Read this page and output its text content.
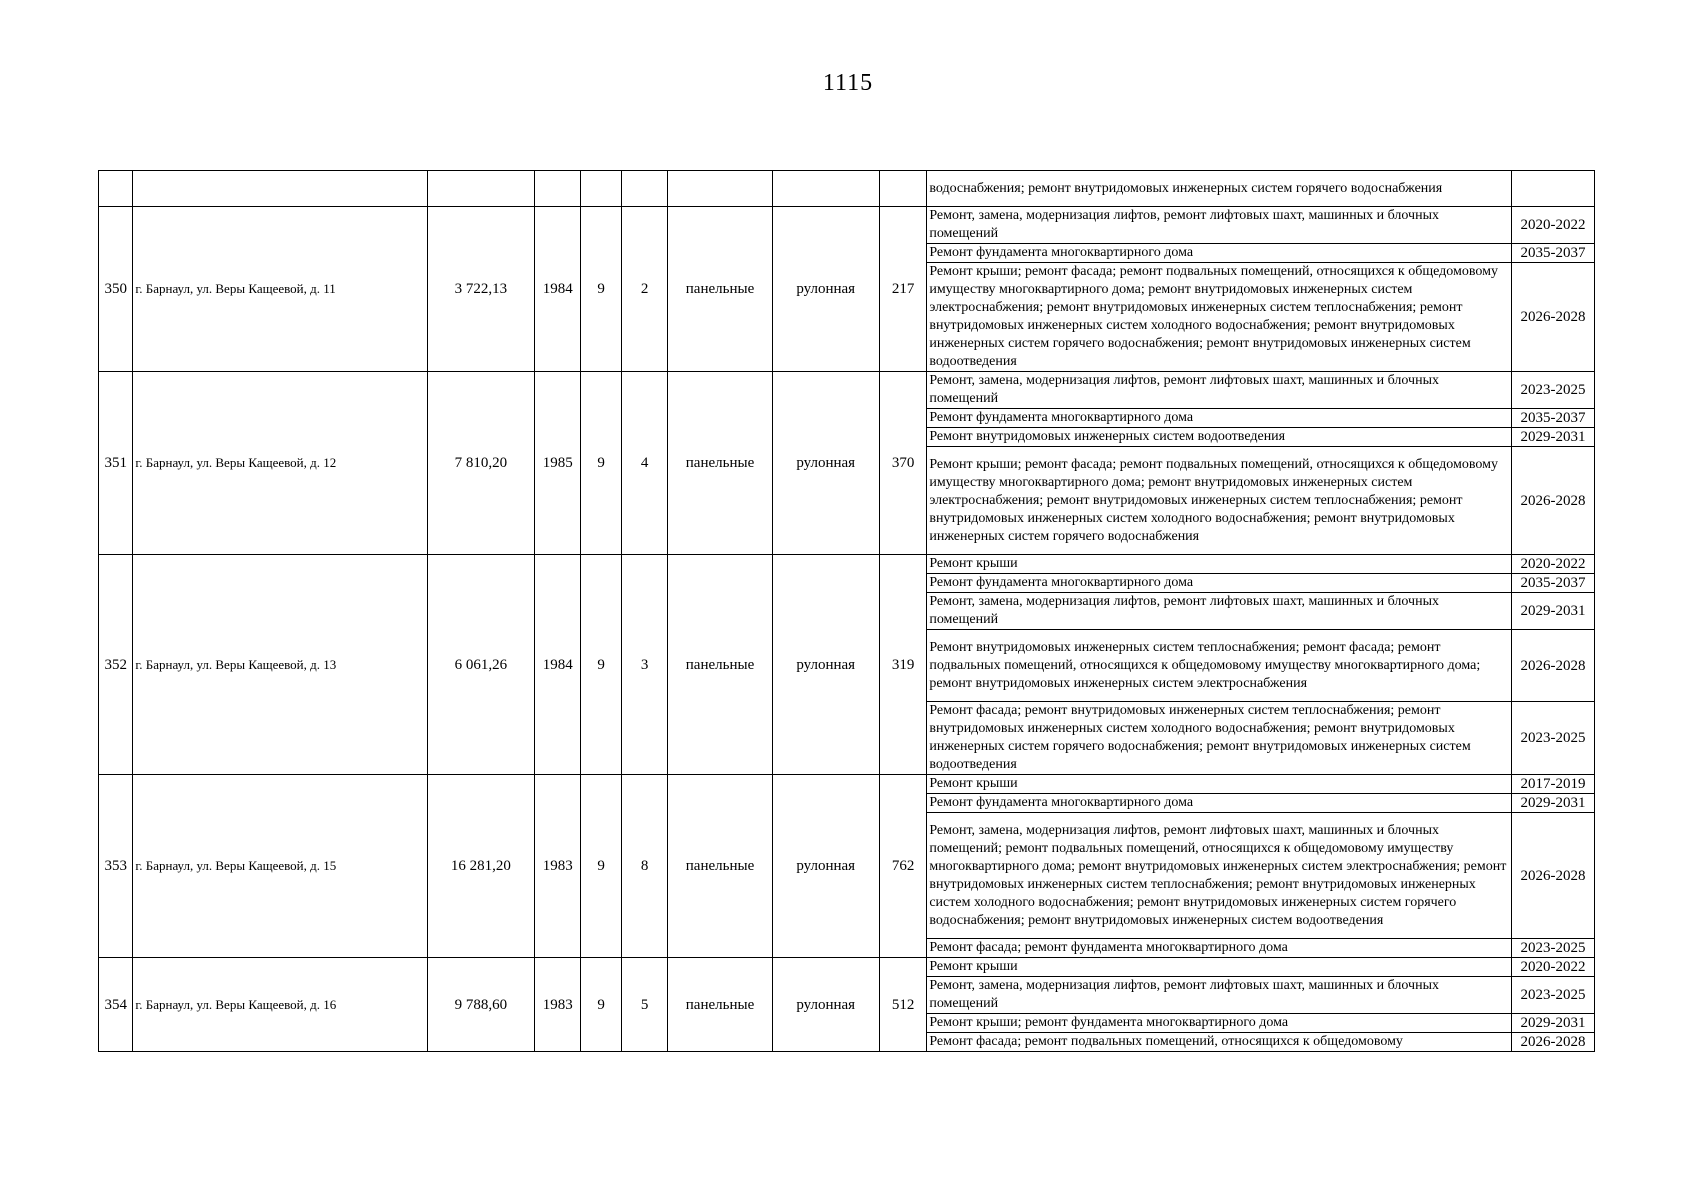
1115
									водоснабжения; ремонт внутридомовых инженерных систем горячего водоснабжения	
350	г. Барнаул, ул. Веры Кащеевой, д. 11	3 722,13	1984	9	2	панельные	рулонная	217	Ремонт, замена, модернизация лифтов, ремонт лифтовых шахт, машинных и блочных помещений	2020-2022
									Ремонт фундамента многоквартирного дома	2035-2037
									Ремонт крыши; ремонт фасада; ремонт подвальных помещений, относящихся к общедомовому имуществу многоквартирного дома; ремонт внутридомовых инженерных систем электроснабжения; ремонт внутридомовых инженерных систем теплоснабжения; ремонт внутридомовых инженерных систем холодного водоснабжения; ремонт внутридомовых инженерных систем горячего водоснабжения; ремонт внутридомовых инженерных систем водоотведения	2026-2028
351	г. Барнаул, ул. Веры Кащеевой, д. 12	7 810,20	1985	9	4	панельные	рулонная	370	Ремонт, замена, модернизация лифтов, ремонт лифтовых шахт, машинных и блочных помещений	2023-2025
									Ремонт фундамента многоквартирного дома	2035-2037
									Ремонт внутридомовых инженерных систем водоотведения	2029-2031
									Ремонт крыши; ремонт фасада; ремонт подвальных помещений, относящихся к общедомовому имуществу многоквартирного дома; ремонт внутридомовых инженерных систем электроснабжения; ремонт внутридомовых инженерных систем теплоснабжения; ремонт внутридомовых инженерных систем холодного водоснабжения; ремонт внутридомовых инженерных систем горячего водоснабжения	2026-2028
352	г. Барнаул, ул. Веры Кащеевой, д. 13	6 061,26	1984	9	3	панельные	рулонная	319	Ремонт крыши	2020-2022
									Ремонт фундамента многоквартирного дома	2035-2037
									Ремонт, замена, модернизация лифтов, ремонт лифтовых шахт, машинных и блочных помещений	2029-2031
									Ремонт внутридомовых инженерных систем теплоснабжения; ремонт фасада; ремонт подвальных помещений, относящихся к общедомовому имуществу многоквартирного дома; ремонт внутридомовых инженерных систем электроснабжения	2026-2028
									Ремонт фасада; ремонт внутридомовых инженерных систем теплоснабжения; ремонт внутридомовых инженерных систем холодного водоснабжения; ремонт внутридомовых инженерных систем горячего водоснабжения; ремонт внутридомовых инженерных систем водоотведения	2023-2025
353	г. Барнаул, ул. Веры Кащеевой, д. 15	16 281,20	1983	9	8	панельные	рулонная	762	Ремонт крыши	2017-2019
									Ремонт фундамента многоквартирного дома	2029-2031
									Ремонт, замена, модернизация лифтов, ремонт лифтовых шахт, машинных и блочных помещений; ремонт подвальных помещений, относящихся к общедомовому имуществу многоквартирного дома; ремонт внутридомовых инженерных систем электроснабжения; ремонт внутридомовых инженерных систем теплоснабжения; ремонт внутридомовых инженерных систем холодного водоснабжения; ремонт внутридомовых инженерных систем горячего водоснабжения; ремонт внутридомовых инженерных систем водоотведения	2026-2028
									Ремонт фасада; ремонт фундамента многоквартирного дома	2023-2025
354	г. Барнаул, ул. Веры Кащеевой, д. 16	9 788,60	1983	9	5	панельные	рулонная	512	Ремонт крыши	2020-2022
									Ремонт, замена, модернизация лифтов, ремонт лифтовых шахт, машинных и блочных помещений	2023-2025
									Ремонт крыши; ремонт фундамента многоквартирного дома	2029-2031
									Ремонт фасада; ремонт подвальных помещений, относящихся к общедомовому	2026-2028
